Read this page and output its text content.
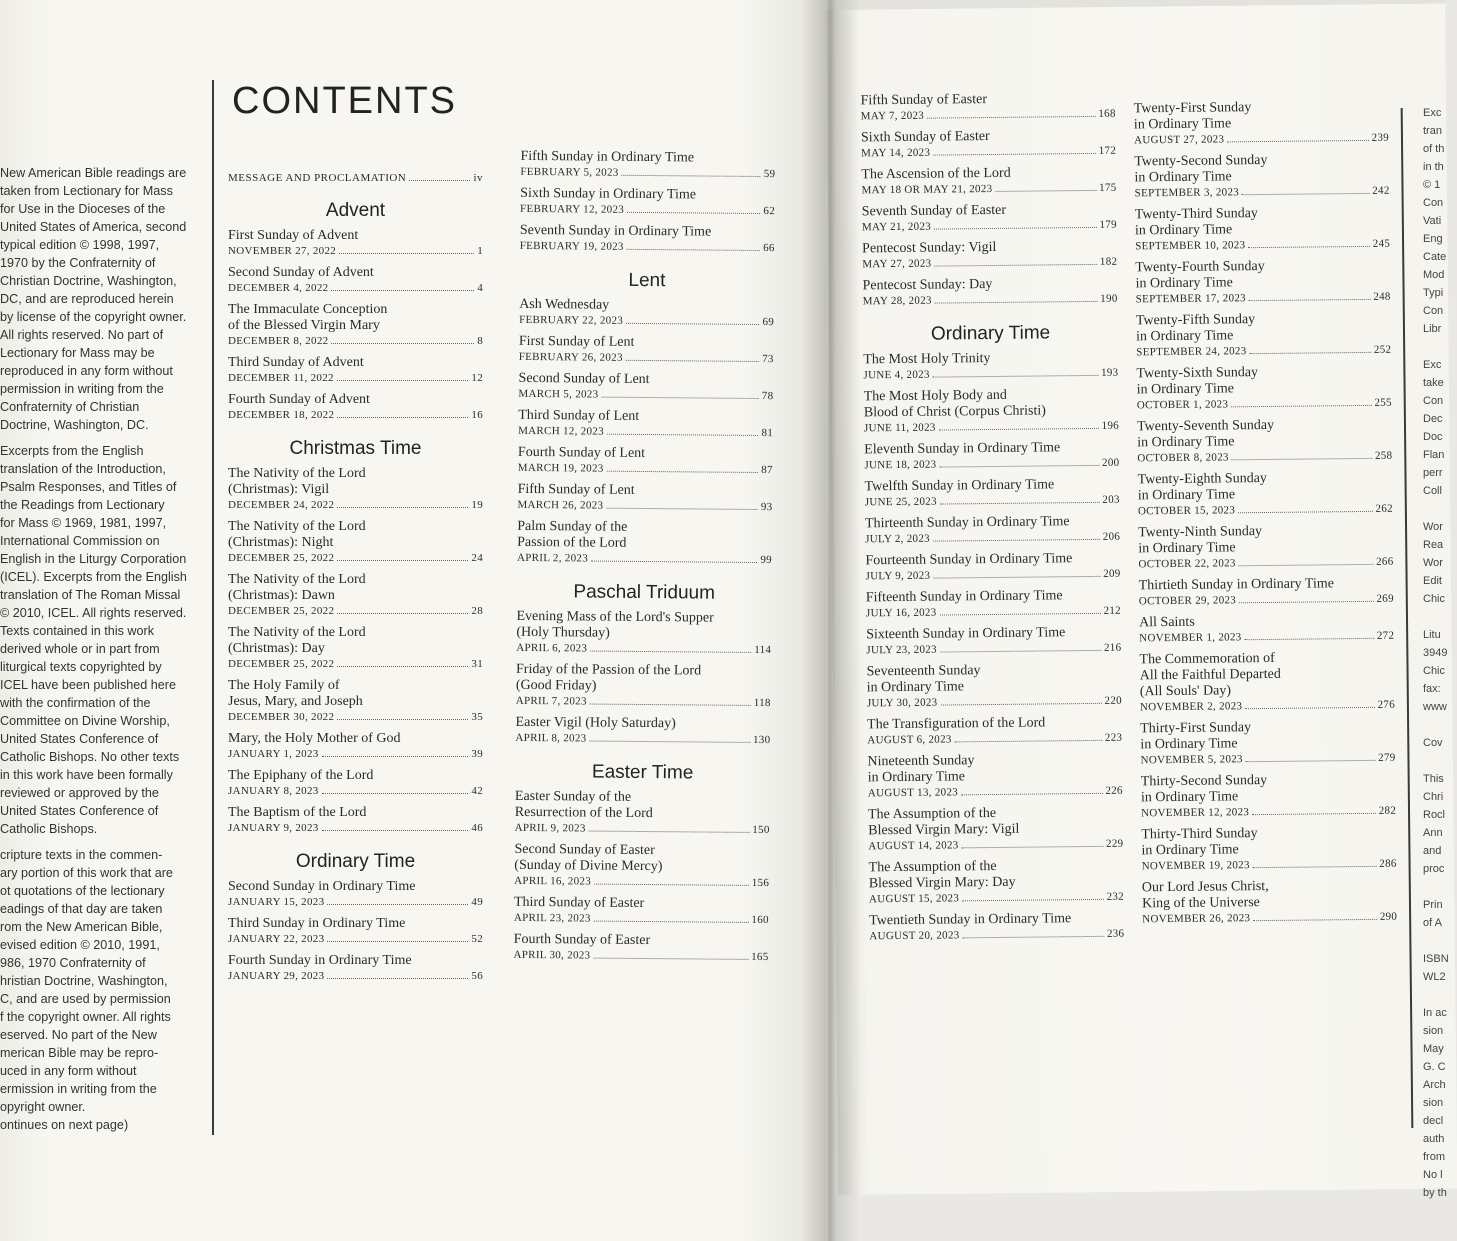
New American Bible readings are
taken from Lectionary for Mass
for Use in the Dioceses of the
United States of America, second
typical edition © 1998, 1997,
1970 by the Confraternity of
Christian Doctrine, Washington,
DC, and are reproduced herein
by license of the copyright owner.
All rights reserved. No part of
Lectionary for Mass may be
reproduced in any form without
permission in writing from the
Confraternity of Christian
Doctrine, Washington, DC.

Excerpts from the English
translation of the Introduction,
Psalm Responses, and Titles of
the Readings from Lectionary
for Mass © 1969, 1981, 1997,
International Commission on
English in the Liturgy Corporation
(ICEL). Excerpts from the English
translation of The Roman Missal
© 2010, ICEL. All rights reserved.
Texts contained in this work
derived whole or in part from
liturgical texts copyrighted by
ICEL have been published here
with the confirmation of the
Committee on Divine Worship,
United States Conference of
Catholic Bishops. No other texts
in this work have been formally
reviewed or approved by the
United States Conference of
Catholic Bishops.

cripture texts in the commen-
ary portion of this work that are
ot quotations of the lectionary
eadings of that day are taken
rom the New American Bible,
evised edition © 2010, 1991,
986, 1970 Confraternity of
hristian Doctrine, Washington,
C, and are used by permission
f the copyright owner. All rights
eserved. No part of the New
merican Bible may be repro-
uced in any form without
ermission in writing from the
opyright owner.
ontinues on next page)

CONTENTS
MESSAGE AND PROCLAMATION	iv
Advent
First Sunday of Advent
NOVEMBER 27, 2022	1
Second Sunday of Advent
DECEMBER 4, 2022	4
The Immaculate Conception
of the Blessed Virgin Mary
DECEMBER 8, 2022	8
Third Sunday of Advent
DECEMBER 11, 2022	12
Fourth Sunday of Advent
DECEMBER 18, 2022	16
Christmas Time
The Nativity of the Lord
(Christmas): Vigil
DECEMBER 24, 2022	19
The Nativity of the Lord
(Christmas): Night
DECEMBER 25, 2022	24
The Nativity of the Lord
(Christmas): Dawn
DECEMBER 25, 2022	28
The Nativity of the Lord
(Christmas): Day
DECEMBER 25, 2022	31
The Holy Family of
Jesus, Mary, and Joseph
DECEMBER 30, 2022	35
Mary, the Holy Mother of God
JANUARY 1, 2023	39
The Epiphany of the Lord
JANUARY 8, 2023	42
The Baptism of the Lord
JANUARY 9, 2023	46
Ordinary Time
Second Sunday in Ordinary Time
JANUARY 15, 2023	49
Third Sunday in Ordinary Time
JANUARY 22, 2023	52
Fourth Sunday in Ordinary Time
JANUARY 29, 2023	56
Fifth Sunday in Ordinary Time
FEBRUARY 5, 2023	59
Sixth Sunday in Ordinary Time
FEBRUARY 12, 2023	62
Seventh Sunday in Ordinary Time
FEBRUARY 19, 2023	66
Lent
Ash Wednesday
FEBRUARY 22, 2023	69
First Sunday of Lent
FEBRUARY 26, 2023	73
Second Sunday of Lent
MARCH 5, 2023	78
Third Sunday of Lent
MARCH 12, 2023	81
Fourth Sunday of Lent
MARCH 19, 2023	87
Fifth Sunday of Lent
MARCH 26, 2023	93
Palm Sunday of the
Passion of the Lord
APRIL 2, 2023	99
Paschal Triduum
Evening Mass of the Lord's Supper
(Holy Thursday)
APRIL 6, 2023	114
Friday of the Passion of the Lord
(Good Friday)
APRIL 7, 2023	118
Easter Vigil (Holy Saturday)
APRIL 8, 2023	130
Easter Time
Easter Sunday of the
Resurrection of the Lord
APRIL 9, 2023	150
Second Sunday of Easter
(Sunday of Divine Mercy)
APRIL 16, 2023	156
Third Sunday of Easter
APRIL 23, 2023	160
Fourth Sunday of Easter
APRIL 30, 2023	165
Fifth Sunday of Easter
MAY 7, 2023	168
Sixth Sunday of Easter
MAY 14, 2023	172
The Ascension of the Lord
MAY 18 OR MAY 21, 2023	175
Seventh Sunday of Easter
MAY 21, 2023	179
Pentecost Sunday: Vigil
MAY 27, 2023	182
Pentecost Sunday: Day
MAY 28, 2023	190
Ordinary Time
The Most Holy Trinity
JUNE 4, 2023	193
The Most Holy Body and
Blood of Christ (Corpus Christi)
JUNE 11, 2023	196
Eleventh Sunday in Ordinary Time
JUNE 18, 2023	200
Twelfth Sunday in Ordinary Time
JUNE 25, 2023	203
Thirteenth Sunday in Ordinary Time
JULY 2, 2023	206
Fourteenth Sunday in Ordinary Time
JULY 9, 2023	209
Fifteenth Sunday in Ordinary Time
JULY 16, 2023	212
Sixteenth Sunday in Ordinary Time
JULY 23, 2023	216
Seventeenth Sunday
in Ordinary Time
JULY 30, 2023	220
The Transfiguration of the Lord
AUGUST 6, 2023	223
Nineteenth Sunday
in Ordinary Time
AUGUST 13, 2023	226
The Assumption of the
Blessed Virgin Mary: Vigil
AUGUST 14, 2023	229
The Assumption of the
Blessed Virgin Mary: Day
AUGUST 15, 2023	232
Twentieth Sunday in Ordinary Time
AUGUST 20, 2023	236
Twenty-First Sunday
in Ordinary Time
AUGUST 27, 2023	239
Twenty-Second Sunday
in Ordinary Time
SEPTEMBER 3, 2023	242
Twenty-Third Sunday
in Ordinary Time
SEPTEMBER 10, 2023	245
Twenty-Fourth Sunday
in Ordinary Time
SEPTEMBER 17, 2023	248
Twenty-Fifth Sunday
in Ordinary Time
SEPTEMBER 24, 2023	252
Twenty-Sixth Sunday
in Ordinary Time
OCTOBER 1, 2023	255
Twenty-Seventh Sunday
in Ordinary Time
OCTOBER 8, 2023	258
Twenty-Eighth Sunday
in Ordinary Time
OCTOBER 15, 2023	262
Twenty-Ninth Sunday
in Ordinary Time
OCTOBER 22, 2023	266
Thirtieth Sunday in Ordinary Time
OCTOBER 29, 2023	269
All Saints
NOVEMBER 1, 2023	272
The Commemoration of
All the Faithful Departed
(All Souls' Day)
NOVEMBER 2, 2023	276
Thirty-First Sunday
in Ordinary Time
NOVEMBER 5, 2023	279
Thirty-Second Sunday
in Ordinary Time
NOVEMBER 12, 2023	282
Thirty-Third Sunday
in Ordinary Time
NOVEMBER 19, 2023	286
Our Lord Jesus Christ,
King of the Universe
NOVEMBER 26, 2023	290
Exc
tran
of th
in th
© 1
Con
Vati
Eng
Cate
Mod
Typi
Con
Libr
Exc
take
Con
Dec
Doc
Flan
perr
Coll
Wor
Rea
Wor
Edit
Chic
Litu
3949
Chic
fax:
www
Cov
This
Chri
Rocl
Ann
and
proc
Prin
of A
ISBN
WL2
In ac
sion
May
G. C
Arch
sion
decl
auth
from
No l
by th
